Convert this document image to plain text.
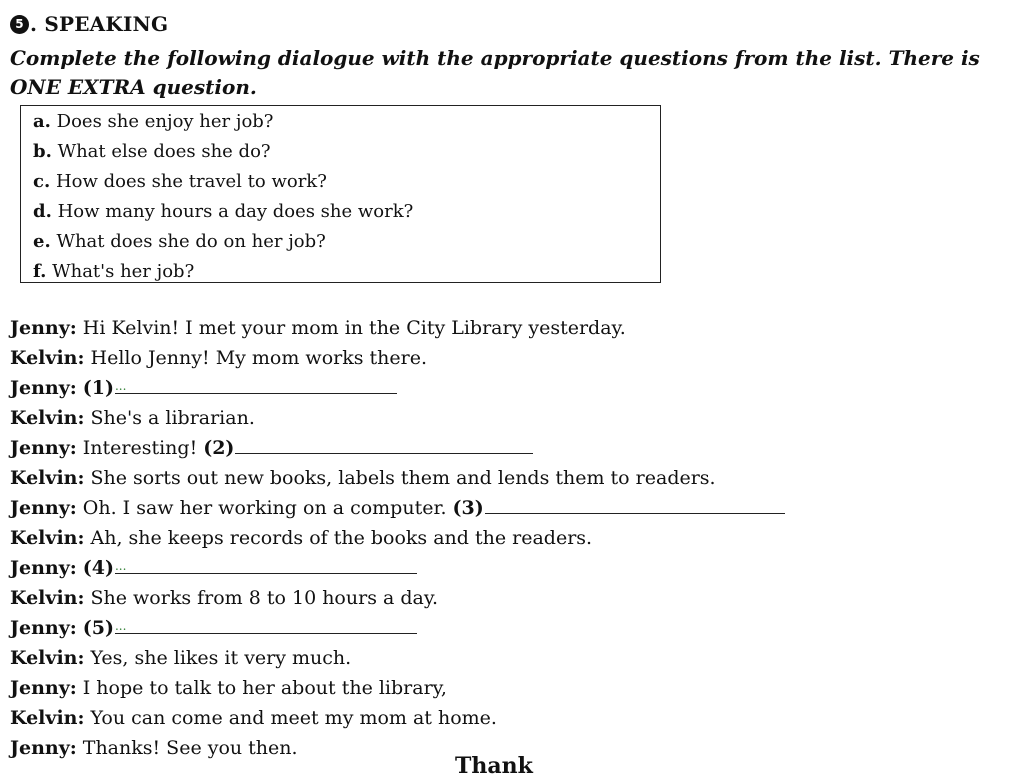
5 . SPEAKING
Complete the following dialogue with the appropriate questions from the list. There is ONE EXTRA question.
a. Does she enjoy her job?
b. What else does she do?
c. How does she travel to work?
d. How many hours a day does she work?
e. What does she do on her job?
f. What's her job?
Jenny : Hi Kelvin! I met your mom in the City Library yesterday.
Kelvin : Hello Jenny! My mom works there.
Jenny : (1)
...
Kelvin : She's a librarian.
Jenny : Interesting! (2)
Kelvin : She sorts out new books, labels them and lends them to readers.
Jenny : Oh. I saw her working on a computer. (3)
Kelvin : Ah, she keeps records of the books and the readers.
Jenny : (4)
...
Kelvin : She works from 8 to 10 hours a day.
Jenny : (5)
...
Kelvin : Yes, she likes it very much.
Jenny : I hope to talk to her about the library,
Kelvin : You can come and meet my mom at home.
Jenny : Thanks! See you then.
Thank
